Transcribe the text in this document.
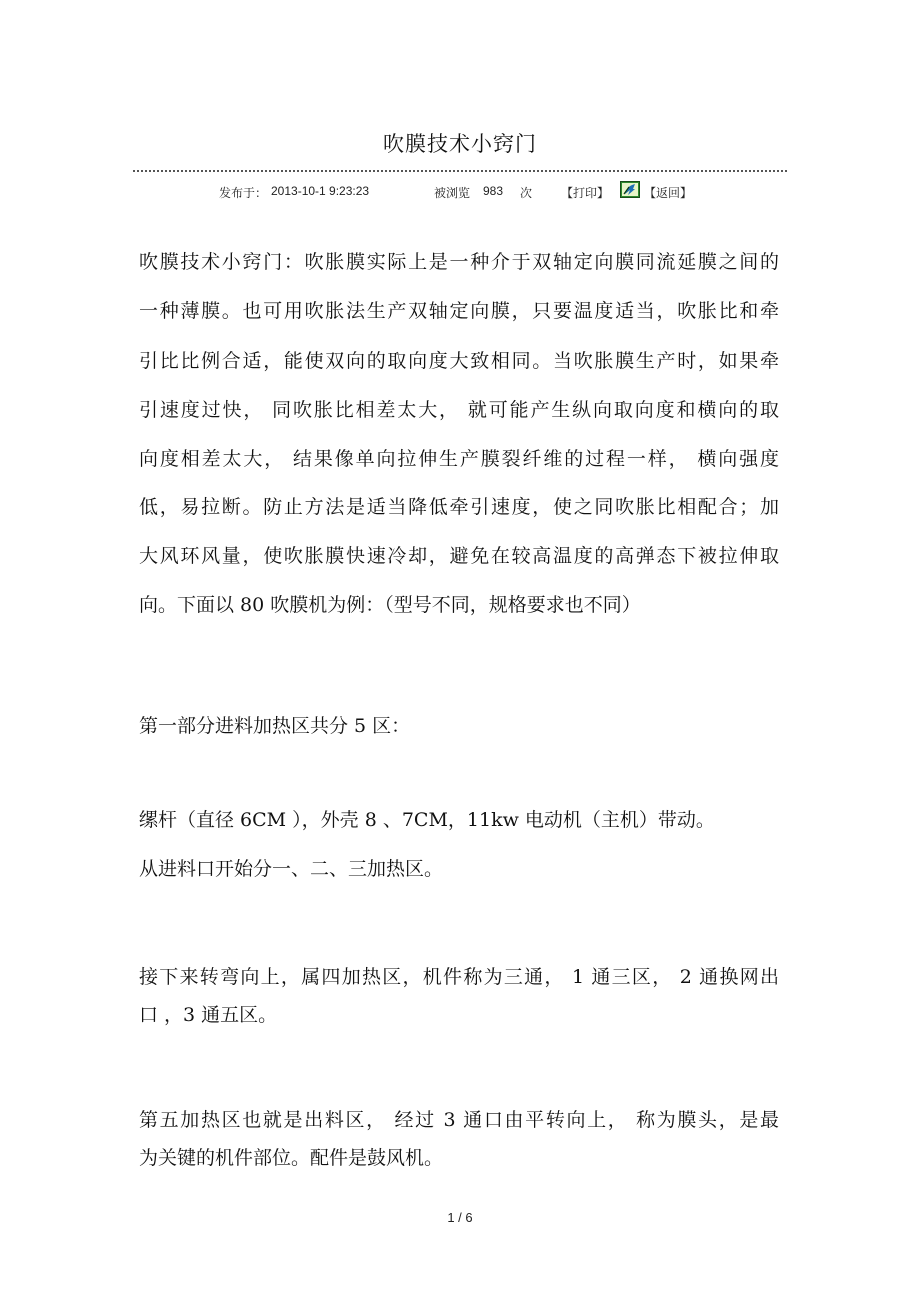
吹膜技术小窍门
发布于： 2013-10-1 9:23:23	被浏览 983 次 【打印】	【返回】
吹膜技术小窍门：吹胀膜实际上是一种介于双轴定向膜同流延膜之间的
一种薄膜。也可用吹胀法生产双轴定向膜，只要温度适当，吹胀比和牵
引比比例合适，能使双向的取向度大致相同。当吹胀膜生产时，如果牵
引速度过快， 同吹胀比相差太大， 就可能产生纵向取向度和横向的取
向度相差太大， 结果像单向拉伸生产膜裂纤维的过程一样， 横向强度
低，易拉断。防止方法是适当降低牵引速度，使之同吹胀比相配合；加
大风环风量，使吹胀膜快速冷却，避免在较高温度的高弹态下被拉伸取
向。下面以 80 吹膜机为例：（型号不同，规格要求也不同）
第一部分进料加热区共分 5 区：
缧杆（直径 6CM ），外壳 8 、7CM，11kw 电动机（主机）带动。
从进料口开始分一、二、三加热区。
接下来转弯向上，属四加热区，机件称为三通， 1 通三区， 2 通换网出
口 ，3 通五区。
第五加热区也就是出料区， 经过 3 通口由平转向上， 称为膜头，是最
为关键的机件部位。配件是鼓风机。
1 / 6
